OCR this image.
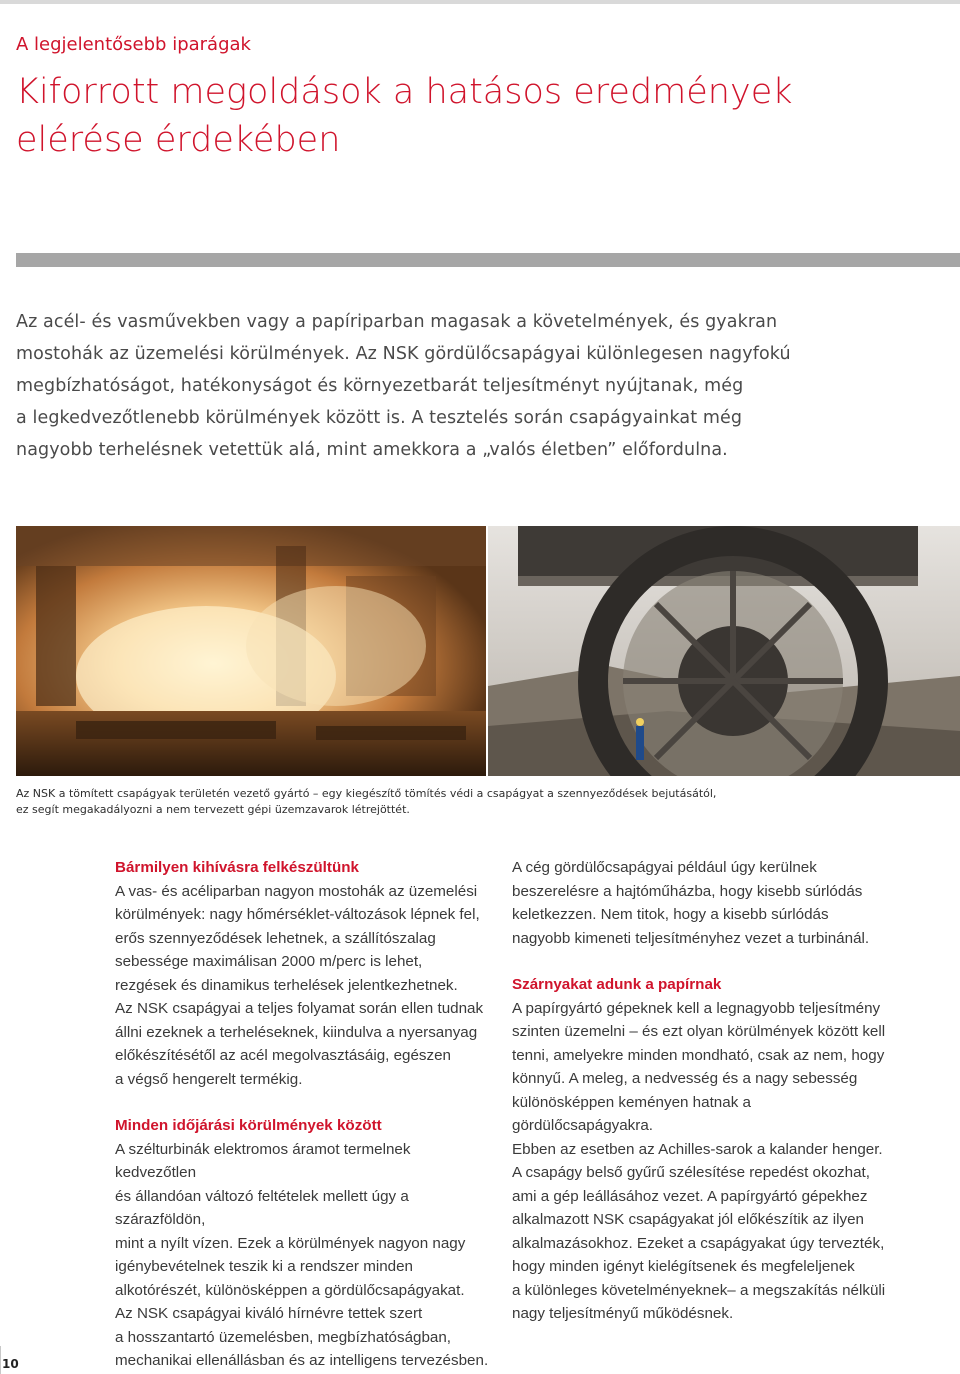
A legjelentősebb iparágak
Kiforrott megoldások a hatásos eredmények
elérése érdekében
Az acél- és vasművekben vagy a papíriparban magasak a követelmények, és gyakran
mostohák az üzemelési körülmények. Az NSK gördülőcsapágyai különlegesen nagyfokú
megbízhatóságot, hatékonyságot és környezetbarát teljesítményt nyújtanak, még
a legkedvezőtlenebb körülmények között is. A tesztelés során csapágyainkat még
nagyobb terhelésnek vetettük alá, mint amekkora a „valós életben” előfordulna.
Az NSK a tömített csapágyak területén vezető gyártó – egy kiegészítő tömítés védi a csapágyat a szennyeződések bejutásától,
ez segít megakadályozni a nem tervezett gépi üzemzavarok létrejöttét.
Bármilyen kihívásra felkészültünk

A vas- és acéliparban nagyon mostohák az üzemelési

körülmények: nagy hőmérséklet-változások lépnek fel,

erős szennyeződések lehetnek, a szállítószalag

sebessége maximálisan 2000 m/perc is lehet,

rezgések és dinamikus terhelések jelentkezhetnek.

Az NSK csapágyai a teljes folyamat során ellen tudnak

állni ezeknek a terheléseknek, kiindulva a nyersanyag

előkészítésétől az acél megolvasztásáig, egészen

a végső hengerelt termékig.

Minden időjárási körülmények között

A szélturbinák elektromos áramot termelnek kedvezőtlen

és állandóan változó feltételek mellett úgy a szárazföldön,

mint a nyílt vízen. Ezek a körülmények nagyon nagy

igénybevételnek teszik ki a rendszer minden

alkotórészét, különösképpen a gördülőcsapágyakat.

Az NSK csapágyai kiváló hírnévre tettek szert

a hosszantartó üzemelésben, megbízhatóságban,

mechanikai ellenállásban és az intelligens tervezésben.

A cég gördülőcsapágyai például úgy kerülnek

beszerelésre a hajtóműházba, hogy kisebb súrlódás

keletkezzen. Nem titok, hogy a kisebb súrlódás

nagyobb kimeneti teljesítményhez vezet a turbinánál.

Szárnyakat adunk a papírnak

A papírgyártó gépeknek kell a legnagyobb teljesítmény

szinten üzemelni – és ezt olyan körülmények között kell

tenni, amelyekre minden mondható, csak az nem, hogy

könnyű. A meleg, a nedvesség és a nagy sebesség

különösképpen keményen hatnak a gördülőcsapágyakra.

Ebben az esetben az Achilles-sarok a kalander henger.

A csapágy belső gyűrű szélesítése repedést okozhat,

ami a gép leállásához vezet. A papírgyártó gépekhez

alkalmazott NSK csapágyakat jól előkészítik az ilyen

alkalmazásokhoz. Ezeket a csapágyakat úgy tervezték,

hogy minden igényt kielégítsenek és megfeleljenek

a különleges követelményeknek– a megszakítás nélküli

nagy teljesítményű működésnek.

10
